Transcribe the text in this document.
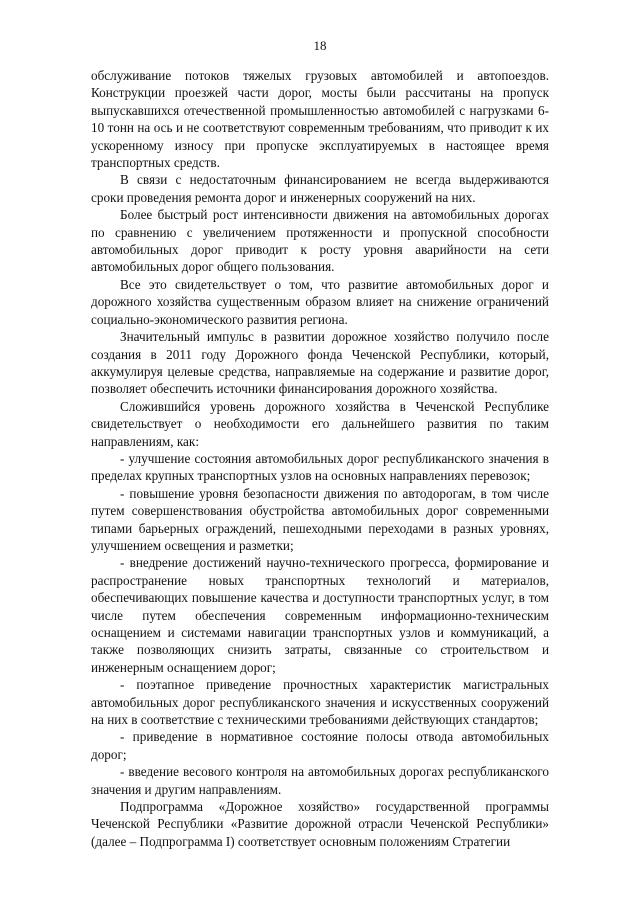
18

обслуживание потоков тяжелых грузовых автомобилей и автопоездов. Конструкции проезжей части дорог, мосты были рассчитаны на пропуск выпускавшихся отечественной промышленностью автомобилей с нагрузками 6-10 тонн на ось и не соответствуют современным требованиям, что приводит к их ускоренному износу при пропуске эксплуатируемых в настоящее время транспортных средств.

В связи с недостаточным финансированием не всегда выдерживаются сроки проведения ремонта дорог и инженерных сооружений на них.

Более быстрый рост интенсивности движения на автомобильных дорогах по сравнению с увеличением протяженности и пропускной способности автомобильных дорог приводит к росту уровня аварийности на сети автомобильных дорог общего пользования.

Все это свидетельствует о том, что развитие автомобильных дорог и дорожного хозяйства существенным образом влияет на снижение ограничений социально-экономического развития региона.

Значительный импульс в развитии дорожное хозяйство получило после создания в 2011 году Дорожного фонда Чеченской Республики, который, аккумулируя целевые средства, направляемые на содержание и развитие дорог, позволяет обеспечить источники финансирования дорожного хозяйства.

Сложившийся уровень дорожного хозяйства в Чеченской Республике свидетельствует о необходимости его дальнейшего развития по таким направлениям, как:

- улучшение состояния автомобильных дорог республиканского значения в пределах крупных транспортных узлов на основных направлениях перевозок;

- повышение уровня безопасности движения по автодорогам, в том числе путем совершенствования обустройства автомобильных дорог современными типами барьерных ограждений, пешеходными переходами в разных уровнях, улучшением освещения и разметки;

- внедрение достижений научно-технического прогресса, формирование и распространение новых транспортных технологий и материалов, обеспечивающих повышение качества и доступности транспортных услуг, в том числе путем обеспечения современным информационно-техническим оснащением и системами навигации транспортных узлов и коммуникаций, а также позволяющих снизить затраты, связанные со строительством и инженерным оснащением дорог;

- поэтапное приведение прочностных характеристик магистральных автомобильных дорог республиканского значения и искусственных сооружений на них в соответствие с техническими требованиями действующих стандартов;

- приведение в нормативное состояние полосы отвода автомобильных дорог;

- введение весового контроля на автомобильных дорогах республиканского значения и другим направлениям.

Подпрограмма «Дорожное хозяйство» государственной программы Чеченской Республики «Развитие дорожной отрасли Чеченской Республики» (далее – Подпрограмма I) соответствует основным положениям Стратегии
